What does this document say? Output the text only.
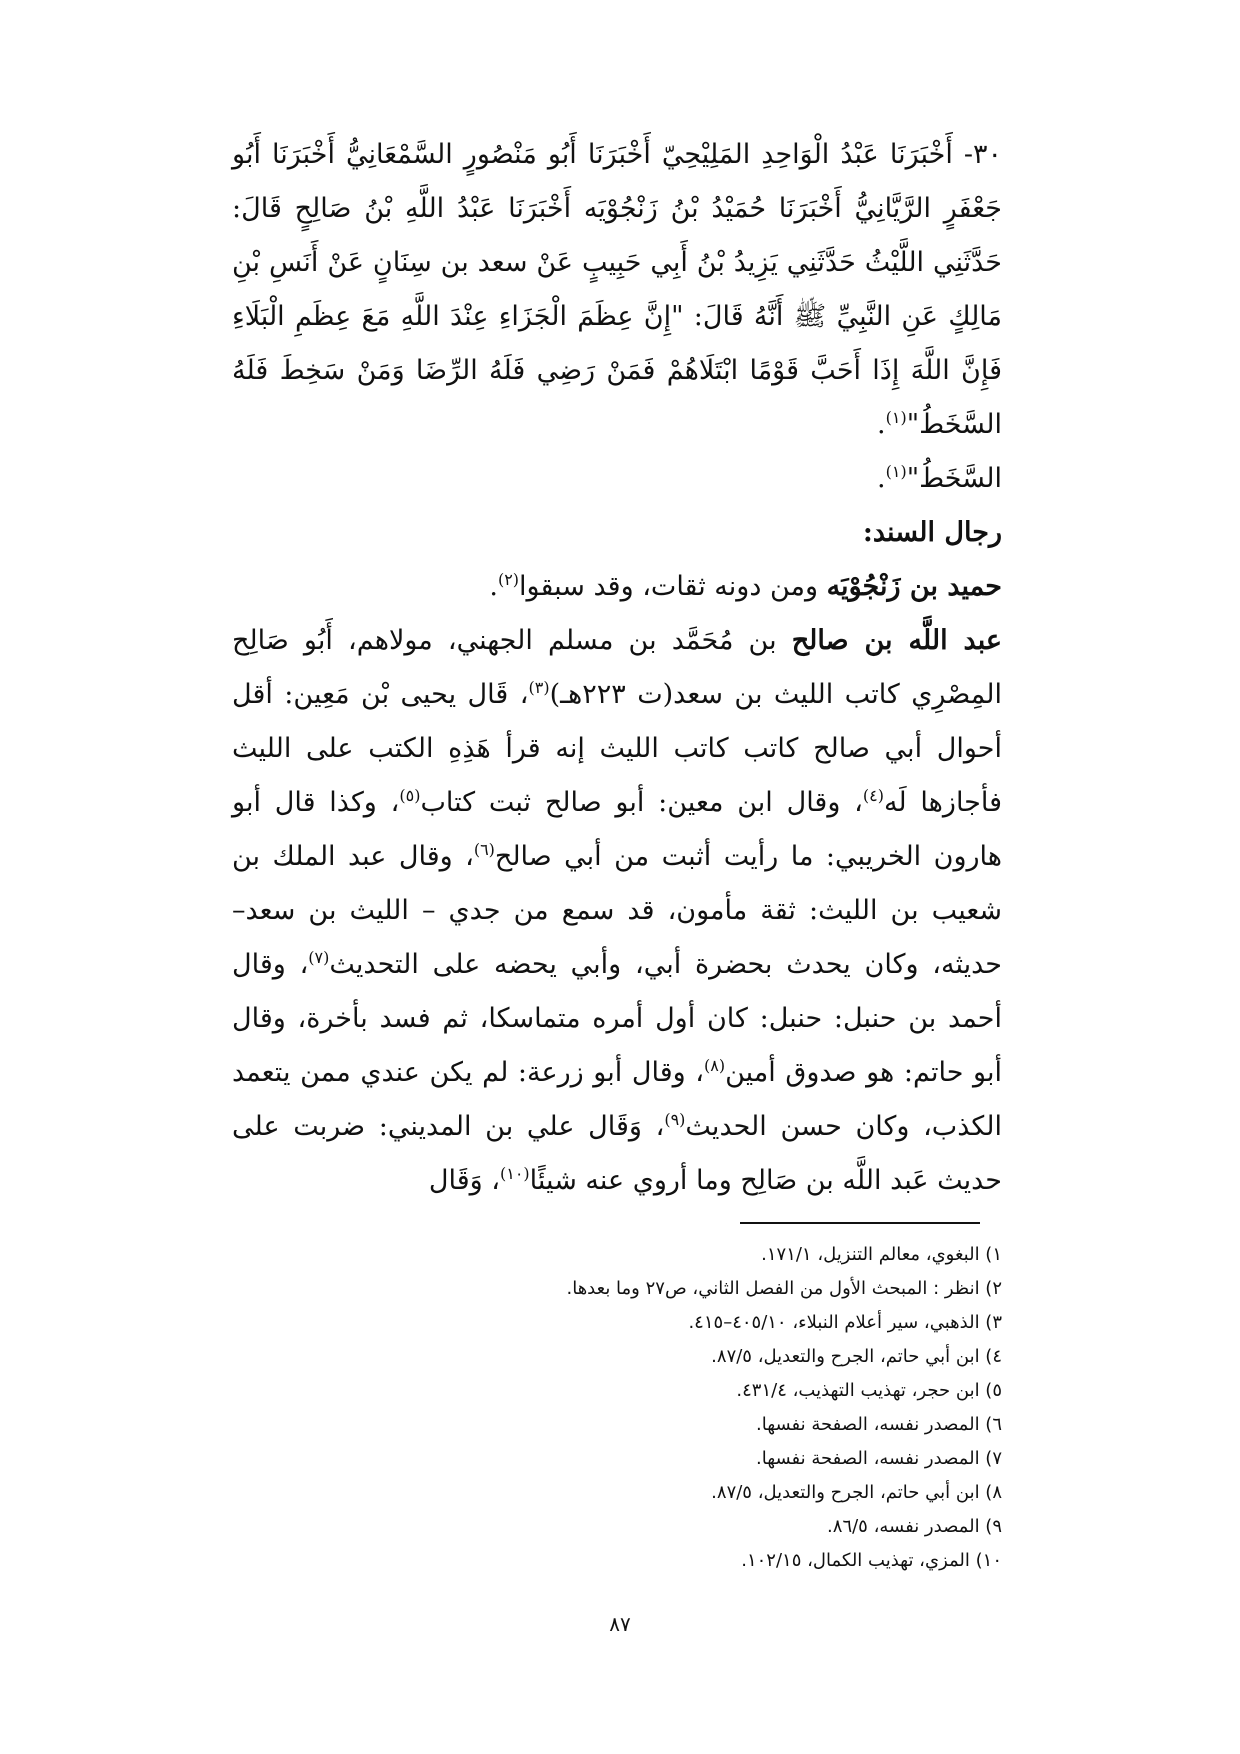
٣٠- أَخْبَرَنَا عَبْدُ الْوَاحِدِ المَلِيْحِيّ أَخْبَرَنَا أَبُو مَنْصُورٍ السَّمْعَانِيُّ أَخْبَرَنَا أَبُو جَعْفَرٍ الرَّيَّانِيُّ أَخْبَرَنَا حُمَيْدُ بْنُ زَنْجُوْيَه أَخْبَرَنَا عَبْدُ اللَّهِ بْنُ صَالِحٍ قَالَ: حَدَّثَنِي اللَّيْثُ حَدَّثَنِي يَزِيدُ بْنُ أَبِي حَبِيبٍ عَنْ سعد بن سِنَانٍ عَنْ أَنَسِ بْنِ مَالِكٍ عَنِ النَّبِيِّ ﷺ أَنَّهُ قَالَ: "إِنَّ عِظَمَ الْجَزَاءِ عِنْدَ اللَّهِ مَعَ عِظَمِ الْبَلَاءِ فَإِنَّ اللَّهَ إِذَا أَحَبَّ قَوْمًا ابْتَلَاهُمْ فَمَنْ رَضِي فَلَهُ الرِّضَا وَمَنْ سَخِطَ فَلَهُ السَّخَطُ"$^{(١)}$.

السَّخَطُ"$^{(١)}$.

رجال السند:

حميد بن زَنْجُوْيَه ومن دونه ثقات، وقد سبقوا$^{(٢)}$.

عبد اللَّه بن صالح بن مُحَمَّد بن مسلم الجهني، مولاهم، أَبُو صَالِح المِصْرِي كاتب الليث بن سعد(ت ٢٢٣هـ)$^{(٣)}$، قَال يحيى بْن مَعِين: أقل أحوال أبي صالح كاتب كاتب الليث إنه قرأ هَذِهِ الكتب على الليث فأجازها لَه$^{(٤)}$، وقال ابن معين: أبو صالح ثبت كتاب$^{(٥)}$، وكذا قال أبو هارون الخريبي: ما رأيت أثبت من أبي صالح$^{(٦)}$، وقال عبد الملك بن شعيب بن الليث: ثقة مأمون، قد سمع من جدي – الليث بن سعد– حديثه، وكان يحدث بحضرة أبي، وأبي يحضه على التحديث$^{(٧)}$، وقال أحمد بن حنبل: حنبل: كان أول أمره متماسكا، ثم فسد بأخرة، وقال أبو حاتم: هو صدوق أمين$^{(٨)}$، وقال أبو زرعة: لم يكن عندي ممن يتعمد الكذب، وكان حسن الحديث$^{(٩)}$، وَقَال علي بن المديني: ضربت على حديث عَبد اللَّه بن صَالِح وما أروي عنه شيئًا$^{(١٠)}$، وَقَال

١) البغوي، معالم التنزيل، ١٧١/١.
٢) انظر : المبحث الأول من الفصل الثاني، ص٢٧ وما بعدها.
٣) الذهبي، سير أعلام النبلاء، ٤٠٥/١٠–٤١٥.
٤) ابن أبي حاتم، الجرح والتعديل، ٨٧/٥.
٥) ابن حجر، تهذيب التهذيب، ٤٣١/٤.
٦) المصدر نفسه، الصفحة نفسها.
٧) المصدر نفسه، الصفحة نفسها.
٨) ابن أبي حاتم، الجرح والتعديل، ٨٧/٥.
٩) المصدر نفسه، ٨٦/٥.
١٠) المزي، تهذيب الكمال، ١٠٢/١٥.
٨٧
